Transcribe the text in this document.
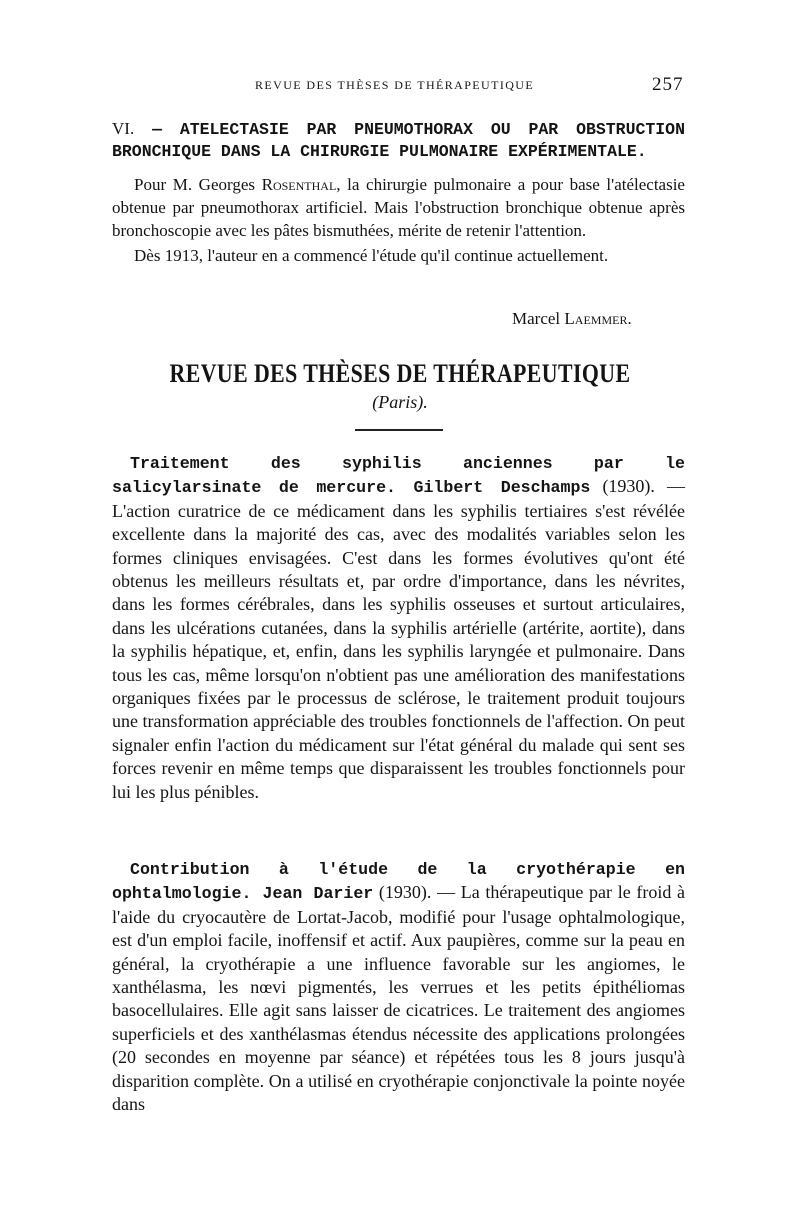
REVUE DES THÈSES DE THÉRAPEUTIQUE	257

VI. — ATELECTASIE PAR PNEUMOTHORAX OU PAR OBSTRUCTION BRONCHIQUE DANS LA CHIRURGIE PULMONAIRE EXPÉRIMENTALE.

Pour M. Georges Rosenthal, la chirurgie pulmonaire a pour base l'atélectasie obtenue par pneumothorax artificiel. Mais l'obstruction bronchique obtenue après bronchoscopie avec les pâtes bismuthées, mérite de retenir l'attention.

Dès 1913, l'auteur en a commencé l'étude qu'il continue actuellement.

Marcel Laemmer.
REVUE DES THÈSES DE THÉRAPEUTIQUE
(Paris).

Traitement des syphilis anciennes par le salicylarsinate de mercure. Gilbert Deschamps (1930). — L'action curatrice de ce médicament dans les syphilis tertiaires s'est révélée excellente dans la majorité des cas, avec des modalités variables selon les formes cliniques envisagées. C'est dans les formes évolutives qu'ont été obtenus les meilleurs résultats et, par ordre d'importance, dans les névrites, dans les formes cérébrales, dans les syphilis osseuses et surtout articulaires, dans les ulcérations cutanées, dans la syphilis artérielle (artérite, aortite), dans la syphilis hépatique, et, enfin, dans les syphilis laryngée et pulmonaire. Dans tous les cas, même lorsqu'on n'obtient pas une amélioration des manifestations organiques fixées par le processus de sclérose, le traitement produit toujours une transformation appréciable des troubles fonctionnels de l'affection. On peut signaler enfin l'action du médicament sur l'état général du malade qui sent ses forces revenir en même temps que disparaissent les troubles fonctionnels pour lui les plus pénibles.

Contribution à l'étude de la cryothérapie en ophtalmologie. Jean Darier (1930). — La thérapeutique par le froid à l'aide du cryocautère de Lortat-Jacob, modifié pour l'usage ophtalmologique, est d'un emploi facile, inoffensif et actif. Aux paupières, comme sur la peau en général, la cryothérapie a une influence favorable sur les angiomes, le xanthélasma, les nœvi pigmentés, les verrues et les petits épithéliomas basocellulaires. Elle agit sans laisser de cicatrices. Le traitement des angiomes superficiels et des xanthélasmas étendus nécessite des applications prolongées (20 secondes en moyenne par séance) et répétées tous les 8 jours jusqu'à disparition complète. On a utilisé en cryothérapie conjonctivale la pointe noyée dans
